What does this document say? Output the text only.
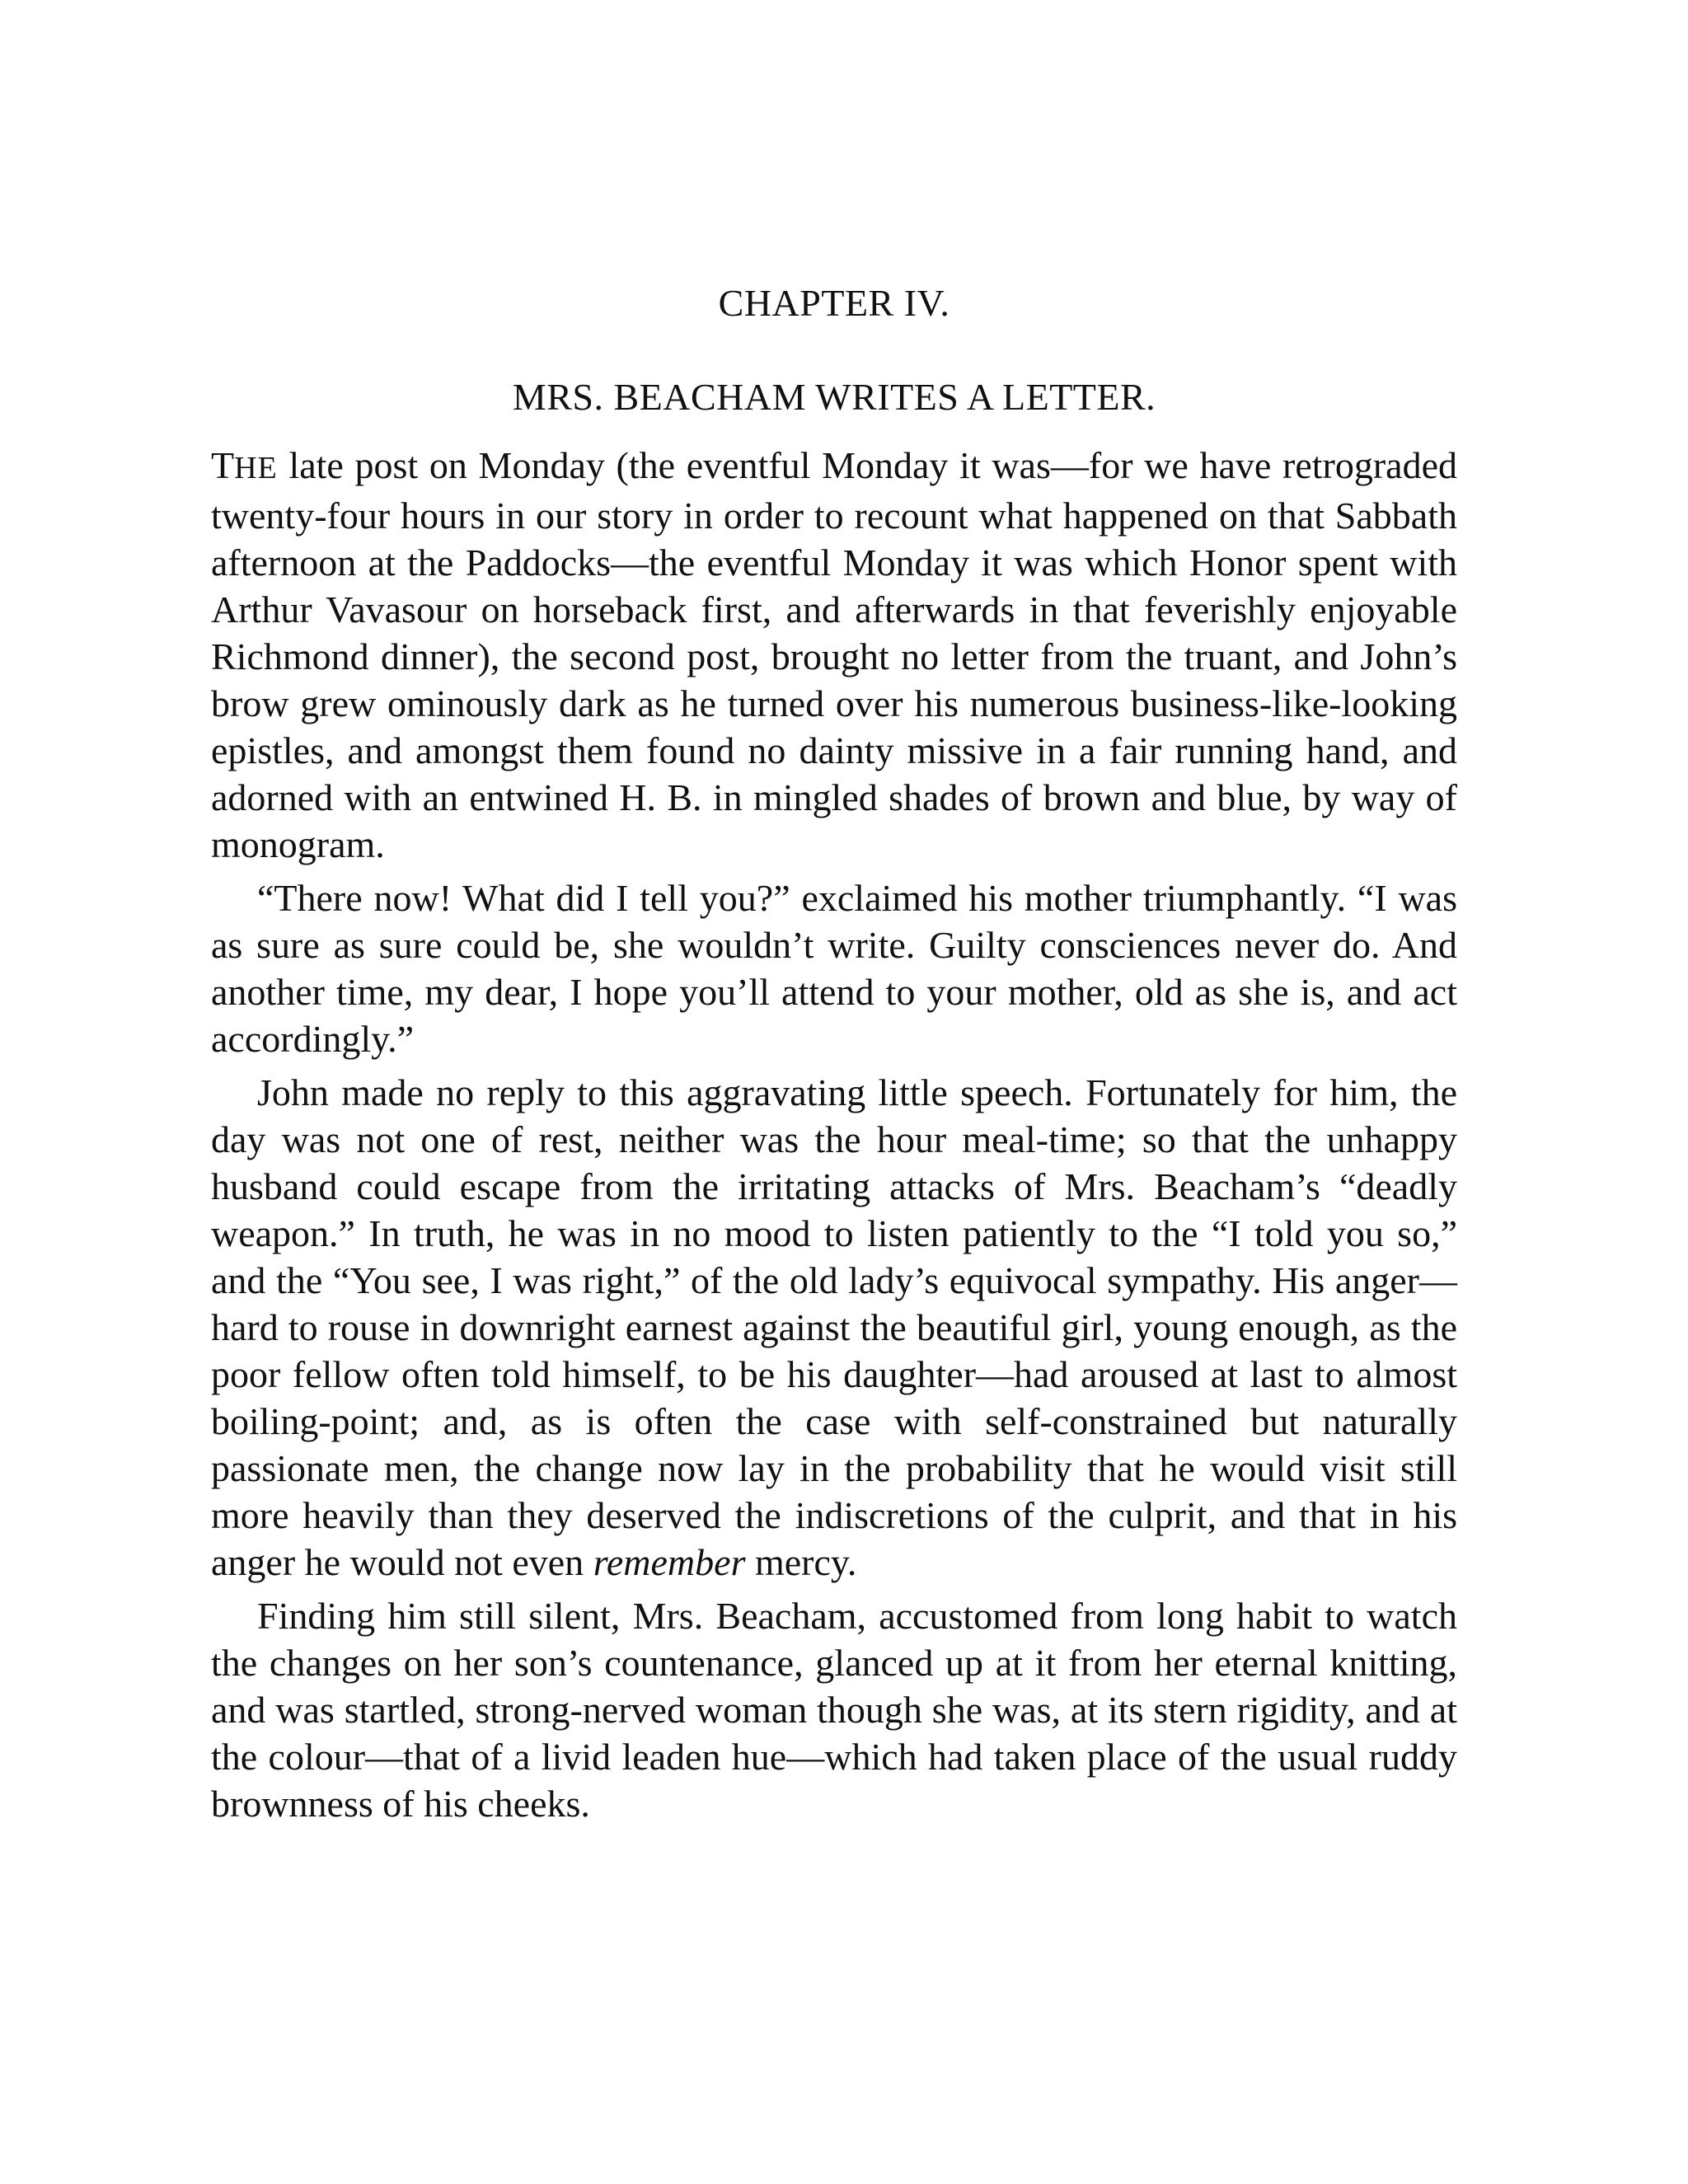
CHAPTER IV.
MRS. BEACHAM WRITES A LETTER.

THE late post on Monday (the eventful Monday it was—for we have retrograded twenty-four hours in our story in order to recount what happened on that Sabbath afternoon at the Paddocks—the eventful Monday it was which Honor spent with Arthur Vavasour on horseback first, and afterwards in that feverishly enjoyable Richmond dinner), the second post, brought no letter from the truant, and John’s brow grew ominously dark as he turned over his numerous business-like-looking epistles, and amongst them found no dainty missive in a fair running hand, and adorned with an entwined H. B. in mingled shades of brown and blue, by way of monogram.

“There now! What did I tell you?” exclaimed his mother triumphantly. “I was as sure as sure could be, she wouldn’t write. Guilty consciences never do. And another time, my dear, I hope you’ll attend to your mother, old as she is, and act accordingly.”

John made no reply to this aggravating little speech. Fortunately for him, the day was not one of rest, neither was the hour meal-time; so that the unhappy husband could escape from the irritating attacks of Mrs. Beacham’s “deadly weapon.” In truth, he was in no mood to listen patiently to the “I told you so,” and the “You see, I was right,” of the old lady’s equivocal sympathy. His anger—hard to rouse in downright earnest against the beautiful girl, young enough, as the poor fellow often told himself, to be his daughter—had aroused at last to almost boiling-point; and, as is often the case with self-constrained but naturally passionate men, the change now lay in the probability that he would visit still more heavily than they deserved the indiscretions of the culprit, and that in his anger he would not even remember mercy.

Finding him still silent, Mrs. Beacham, accustomed from long habit to watch the changes on her son’s countenance, glanced up at it from her eternal knitting, and was startled, strong-nerved woman though she was, at its stern rigidity, and at the colour—that of a livid leaden hue—which had taken place of the usual ruddy brownness of his cheeks.
